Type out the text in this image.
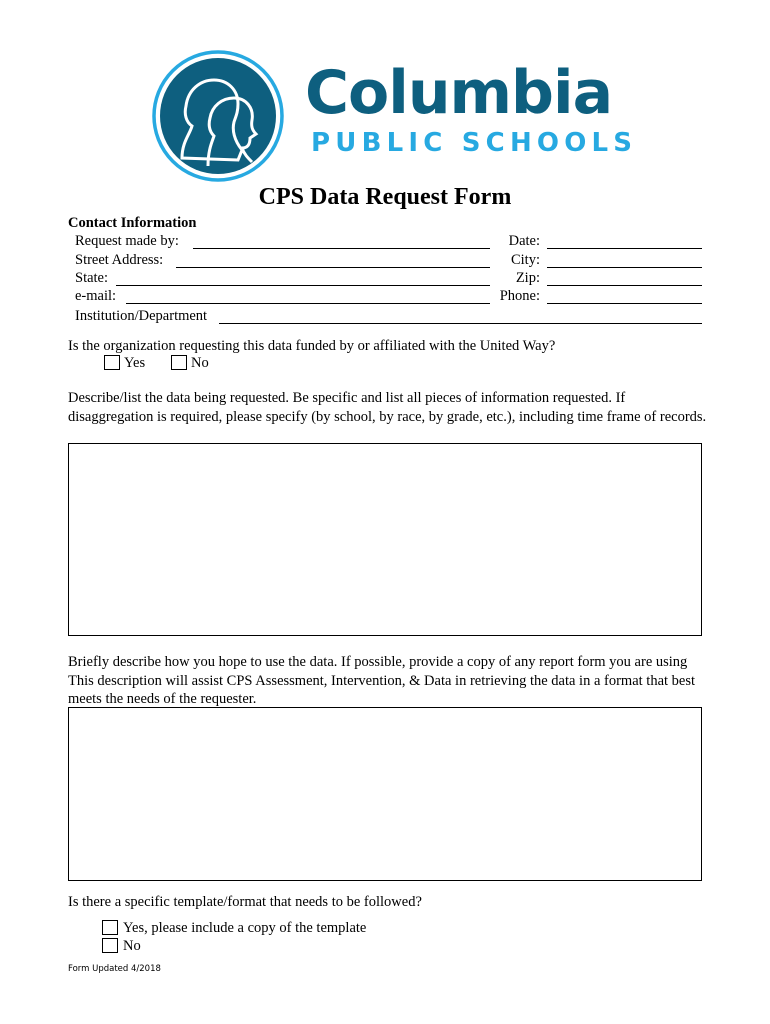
Columbia
PUBLIC SCHOOLS
CPS Data Request Form
Contact Information
Request made by:
Street Address:
State:
e-mail:
Institution/Department
Date:
City:
Zip:
Phone:
Is the organization requesting this data funded by or affiliated with the United Way?
Yes	No
Describe/list the data being requested. Be specific and list all pieces of information requested. If disaggregation is required, please specify (by school, by race, by grade, etc.), including time frame of records.
Briefly describe how you hope to use the data. If possible, provide a copy of any report form you are using This description will assist CPS Assessment, Intervention, & Data in retrieving the data in a format that best meets the needs of the requester.
Is there a specific template/format that needs to be followed?
Yes, please include a copy of the template
No
Form Updated 4/2018
